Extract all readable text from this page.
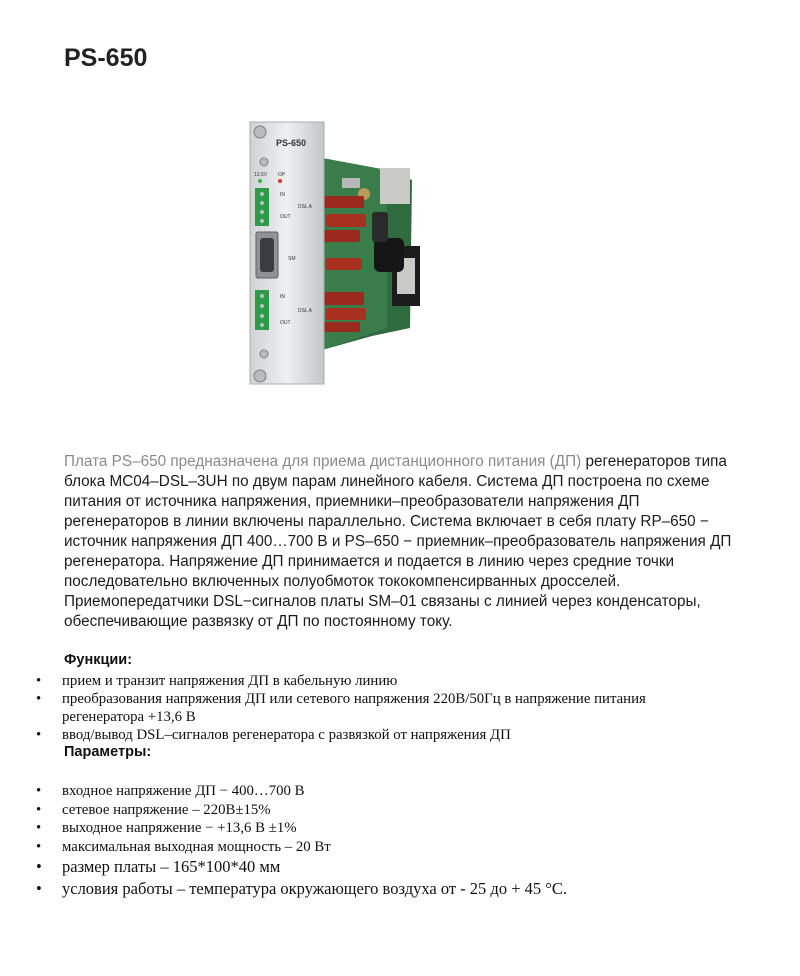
PS-650
PS-650
13.5V OP
IN
DSL A
OUT
SM
IN
DSL A
OUT

Плата PS–650 предназначена для приема дистанционного питания (ДП) регенераторов типа блока MC04–DSL–3UH по двум парам линейного кабеля. Система ДП построена по схеме питания от источника напряжения, приемники–преобразователи напряжения ДП регенераторов в линии включены параллельно. Система включает в себя плату RP–650 − источник напряжения ДП 400…700 В и PS–650 − приемник–преобразователь напряжения ДП регенератора. Напряжение ДП принимается и подается в линию через средние точки последовательно включенных полуобмоток тококомпенсирванных дросселей. Приемопередатчики DSL−сигналов платы SM–01 связаны с линией через конденсаторы, обеспечивающие развязку от ДП по постоянному току.

Функции:
• прием и транзит напряжения ДП в кабельную линию
• преобразования напряжения ДП или сетевого напряжения 220В/50Гц в напряжение питания регенератора +13,6 В
• ввод/вывод DSL–сигналов регенератора с развязкой от напряжения ДП
Параметры:
• входное напряжение ДП − 400…700 В
• сетевое напряжение – 220В±15%
• выходное напряжение − +13,6 В ±1%
• максимальная выходная мощность – 20 Вт
• размер платы – 165*100*40 мм
• условия работы – температура окружающего воздуха от - 25 до + 45 °С.
